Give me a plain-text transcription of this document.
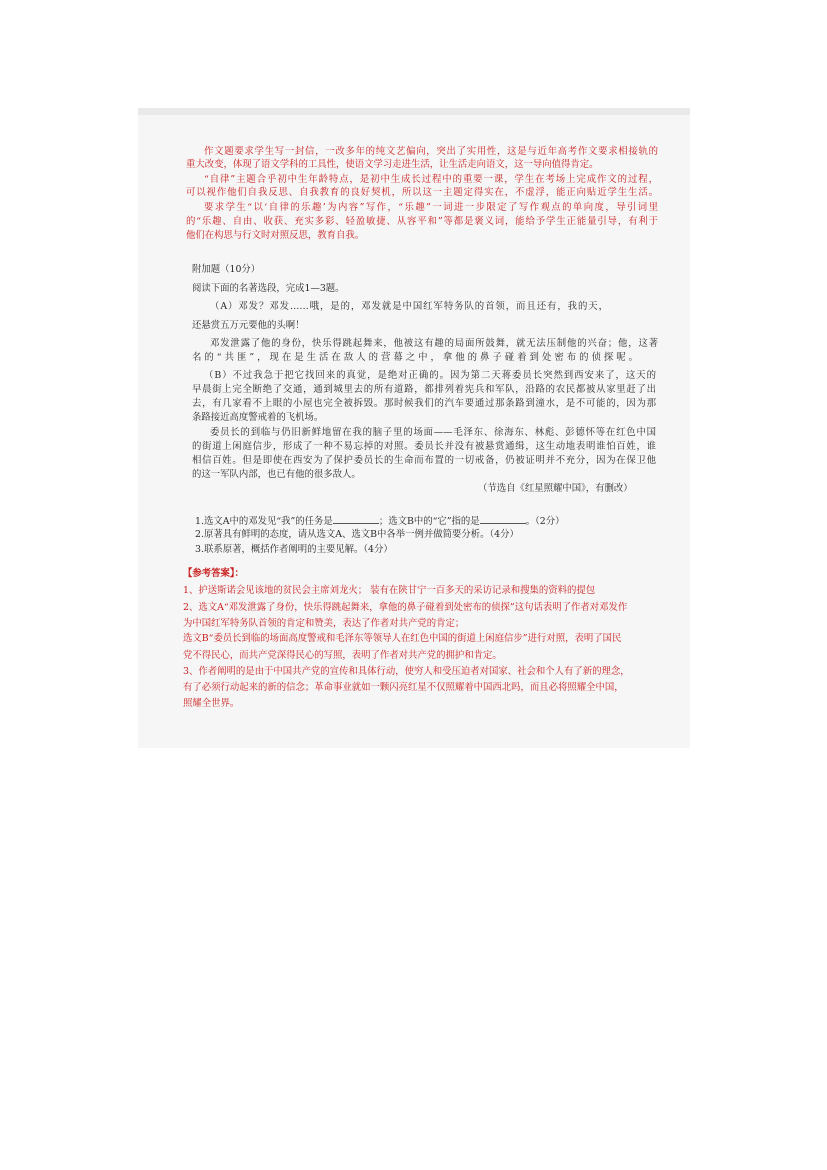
作文题要求学生写一封信，一改多年的纯文艺偏向，突出了实用性，这是与近年高考作文要求相接轨的
重大改变，体现了语文学科的工具性，使语文学习走进生活，让生活走向语文，这一导向值得肯定。
“自律”主题合乎初中生年龄特点，是初中生成长过程中的重要一课，学生在考场上完成作文的过程，
可以视作他们自我反思、自我教育的良好契机，所以这一主题定得实在，不虚浮，能正向贴近学生生活。
要求学生“以‘自律的乐趣’为内容”写作，“乐趣”一词进一步限定了写作观点的单向度，导引词里
的“乐趣、自由、收获、充实多彩、轻盈敏捷、从容平和”等都是褒义词，能给予学生正能量引导，有利于
他们在构思与行文时对照反思，教育自我。
附加题（10分）
阅读下面的名著选段，完成1—3题。
（A）邓发？邓发……哦，是的，邓发就是中国红军特务队的首领，而且还有，我的天，
还悬赏五万元要他的头啊！
邓发泄露了他的身份，快乐得跳起舞来，他被这有趣的局面所鼓舞，就无法压制他的兴奋；他，这著
名的“共匪”，现在是生活在敌人的营幕之中，拿他的鼻子碰着到处密布的侦探呢。
（B）不过我急于把它找回来的真觉，是绝对正确的。因为第二天蒋委员长突然到西安来了，这天的
早晨街上完全断绝了交通，通到城里去的所有道路，都排列着宪兵和军队，沿路的农民都被从家里赶了出
去，有几家看不上眼的小屋也完全被拆毁。那时候我们的汽车要通过那条路到潼水，是不可能的，因为那
条路接近高度警戒着的飞机场。
委员长的到临与仍旧新鲜地留在我的脑子里的场面——毛泽东、徐海东、林彪、彭德怀等在红色中国
的街道上闲庭信步，形成了一种不易忘掉的对照。委员长并没有被悬赏通缉，这生动地表明谁怕百姓，谁
相信百姓。但是即使在西安为了保护委员长的生命而布置的一切戒备，仍被证明并不充分，因为在保卫他
的这一军队内部，也已有他的很多敌人。
（节选自《红星照耀中国》，有删改）
1.选文A中的邓发见“我”的任务是	；选文B中的“它”指的是	。（2分）
2.原著具有鲜明的态度，请从选文A、选文B中各举一例并做简要分析。（4分）
3.联系原著，概括作者阐明的主要见解。（4分）
【参考答案】：
1、护送斯诺会见该地的贫民会主席刘龙火； 装有在陕甘宁一百多天的采访记录和搜集的资料的提包
2、选文A“邓发泄露了身份，快乐得跳起舞来，拿他的鼻子碰着到处密布的侦探”这句话表明了作者对邓发作
为中国红军特务队首领的肯定和赞美，表达了作者对共产党的肯定；
选文B“委员长到临的场面高度警戒和毛泽东等领导人在红色中国的街道上闲庭信步”进行对照，表明了国民
党不得民心，而共产党深得民心的写照，表明了作者对共产党的拥护和肯定。
3、作者阐明的是由于中国共产党的宣传和具体行动，使穷人和受压迫者对国家、社会和个人有了新的理念，
有了必须行动起来的新的信念；革命事业就如一颗闪亮红星不仅照耀着中国西北吗，而且必将照耀全中国，
照耀全世界。
